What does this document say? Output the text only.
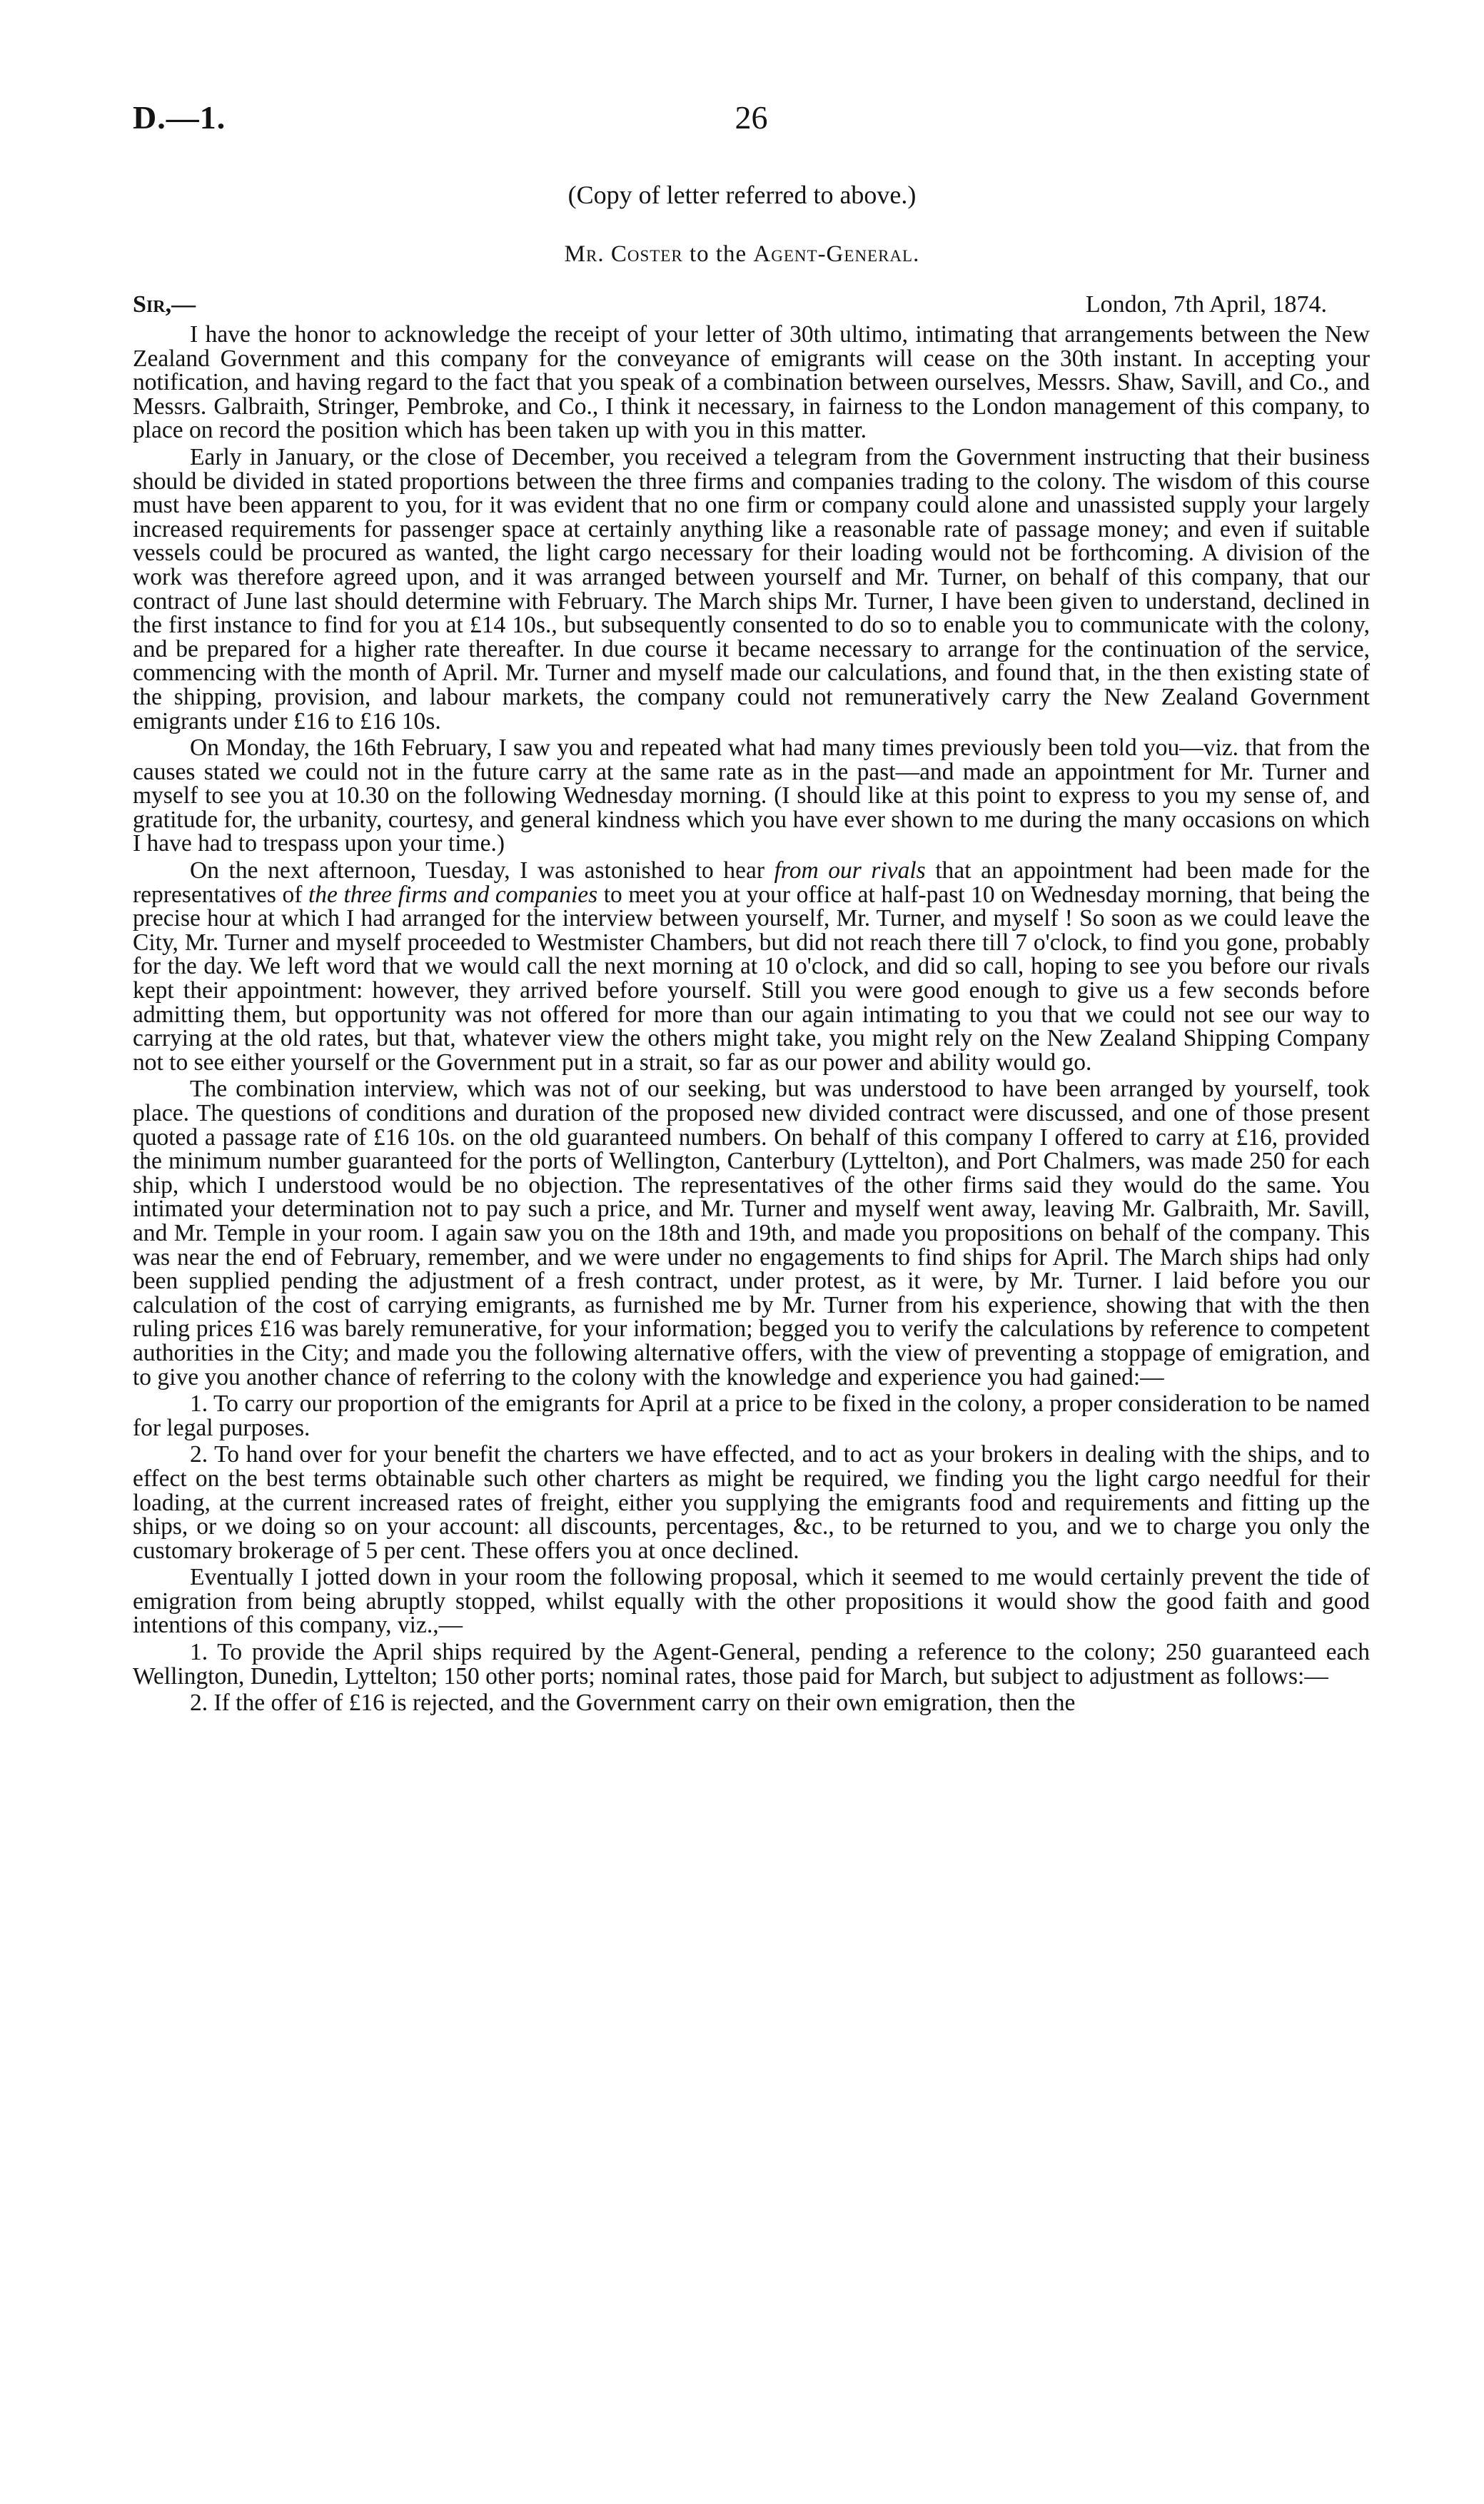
D.—1.	26
(Copy of letter referred to above.)
Mr. Coster to the Agent-General.
Sir,—	London, 7th April, 1874.

I have the honor to acknowledge the receipt of your letter of 30th ultimo, intimating that arrangements between the New Zealand Government and this company for the conveyance of emigrants will cease on the 30th instant. In accepting your notification, and having regard to the fact that you speak of a combination between ourselves, Messrs. Shaw, Savill, and Co., and Messrs. Galbraith, Stringer, Pembroke, and Co., I think it necessary, in fairness to the London management of this company, to place on record the position which has been taken up with you in this matter.

Early in January, or the close of December, you received a telegram from the Government instructing that their business should be divided in stated proportions between the three firms and companies trading to the colony. The wisdom of this course must have been apparent to you, for it was evident that no one firm or company could alone and unassisted supply your largely increased requirements for passenger space at certainly anything like a reasonable rate of passage money; and even if suitable vessels could be procured as wanted, the light cargo necessary for their loading would not be forthcoming. A division of the work was therefore agreed upon, and it was arranged between yourself and Mr. Turner, on behalf of this company, that our contract of June last should determine with February. The March ships Mr. Turner, I have been given to understand, declined in the first instance to find for you at £14 10s., but subsequently consented to do so to enable you to communicate with the colony, and be prepared for a higher rate thereafter. In due course it became necessary to arrange for the continuation of the service, commencing with the month of April. Mr. Turner and myself made our calculations, and found that, in the then existing state of the shipping, provision, and labour markets, the company could not remuneratively carry the New Zealand Government emigrants under £16 to £16 10s.

On Monday, the 16th February, I saw you and repeated what had many times previously been told you—viz. that from the causes stated we could not in the future carry at the same rate as in the past—and made an appointment for Mr. Turner and myself to see you at 10.30 on the following Wednesday morning. (I should like at this point to express to you my sense of, and gratitude for, the urbanity, courtesy, and general kindness which you have ever shown to me during the many occasions on which I have had to trespass upon your time.)

On the next afternoon, Tuesday, I was astonished to hear from our rivals that an appointment had been made for the representatives of the three firms and companies to meet you at your office at half-past 10 on Wednesday morning, that being the precise hour at which I had arranged for the interview between yourself, Mr. Turner, and myself ! So soon as we could leave the City, Mr. Turner and myself proceeded to Westmister Chambers, but did not reach there till 7 o'clock, to find you gone, probably for the day. We left word that we would call the next morning at 10 o'clock, and did so call, hoping to see you before our rivals kept their appointment: however, they arrived before yourself. Still you were good enough to give us a few seconds before admitting them, but opportunity was not offered for more than our again intimating to you that we could not see our way to carrying at the old rates, but that, whatever view the others might take, you might rely on the New Zealand Shipping Company not to see either yourself or the Government put in a strait, so far as our power and ability would go.

The combination interview, which was not of our seeking, but was understood to have been arranged by yourself, took place. The questions of conditions and duration of the proposed new divided contract were discussed, and one of those present quoted a passage rate of £16 10s. on the old guaranteed numbers. On behalf of this company I offered to carry at £16, provided the minimum number guaranteed for the ports of Wellington, Canterbury (Lyttelton), and Port Chalmers, was made 250 for each ship, which I understood would be no objection. The representatives of the other firms said they would do the same. You intimated your determination not to pay such a price, and Mr. Turner and myself went away, leaving Mr. Galbraith, Mr. Savill, and Mr. Temple in your room. I again saw you on the 18th and 19th, and made you propositions on behalf of the company. This was near the end of February, remember, and we were under no engagements to find ships for April. The March ships had only been supplied pending the adjustment of a fresh contract, under protest, as it were, by Mr. Turner. I laid before you our calculation of the cost of carrying emigrants, as furnished me by Mr. Turner from his experience, showing that with the then ruling prices £16 was barely remunerative, for your information; begged you to verify the calculations by reference to competent authorities in the City; and made you the following alternative offers, with the view of preventing a stoppage of emigration, and to give you another chance of referring to the colony with the knowledge and experience you had gained:—

1. To carry our proportion of the emigrants for April at a price to be fixed in the colony, a proper consideration to be named for legal purposes.

2. To hand over for your benefit the charters we have effected, and to act as your brokers in dealing with the ships, and to effect on the best terms obtainable such other charters as might be required, we finding you the light cargo needful for their loading, at the current increased rates of freight, either you supplying the emigrants food and requirements and fitting up the ships, or we doing so on your account: all discounts, percentages, &c., to be returned to you, and we to charge you only the customary brokerage of 5 per cent. These offers you at once declined.

Eventually I jotted down in your room the following proposal, which it seemed to me would certainly prevent the tide of emigration from being abruptly stopped, whilst equally with the other propositions it would show the good faith and good intentions of this company, viz.,—

1. To provide the April ships required by the Agent-General, pending a reference to the colony; 250 guaranteed each Wellington, Dunedin, Lyttelton; 150 other ports; nominal rates, those paid for March, but subject to adjustment as follows:—

2. If the offer of £16 is rejected, and the Government carry on their own emigration, then the
